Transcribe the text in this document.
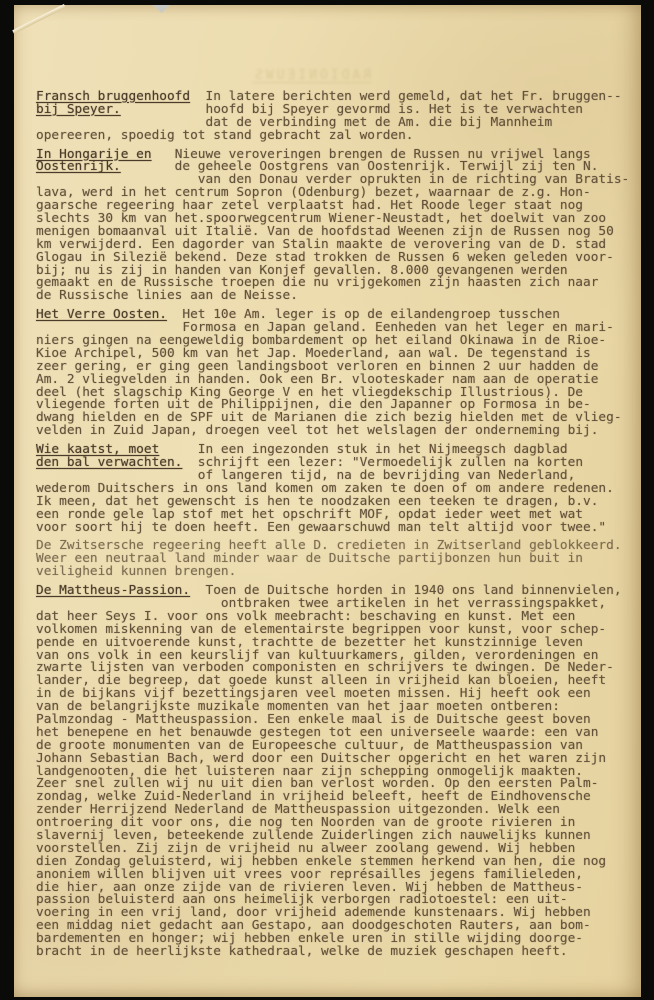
RADIONIEUWS
Fransch bruggenhoofd  In latere berichten werd gemeld, dat het Fr. bruggen--
bij Speyer.           hoofd bij Speyer gevormd is. Het is te verwachten
dat de verbinding met de Am. die bij Mannheim
opereeren, spoedig tot stand gebracht zal worden.
In Hongarije en   Nieuwe veroveringen brengen de Russen nu vrijwel langs
Oostenrijk.       de geheele Oostgrens van Oostenrijk. Terwijl zij ten N.
van den Donau verder oprukten in de richting van Bratis-
lava, werd in het centrum Sopron (Odenburg) bezet, waarnaar de z.g. Hon-
gaarsche regeering haar zetel verplaatst had. Het Roode leger staat nog
slechts 30 km van het.spoorwegcentrum Wiener-Neustadt, het doelwit van zoo
menigen bomaanval uit Italië. Van de hoofdstad Weenen zijn de Russen nog 50
km verwijderd. Een dagorder van Stalin maakte de verovering van de D. stad
Glogau in Silezië bekend. Deze stad trokken de Russen 6 weken geleden voor-
bij; nu is zij in handen van Konjef gevallen. 8.000 gevangenen werden
gemaakt en de Russische troepen die nu vrijgekomen zijn haasten zich naar
de Russische linies aan de Neisse.
Het Verre Oosten.  Het 10e Am. leger is op de eilandengroep tusschen
Formosa en Japan geland. Eenheden van het leger en mari-
niers gingen na eengeweldig bombardement op het eiland Okinawa in de Rioe-
Kioe Archipel, 500 km van het Jap. Moederland, aan wal. De tegenstand is
zeer gering, er ging geen landingsboot verloren en binnen 2 uur hadden de
Am. 2 vliegvelden in handen. Ook een Br. vlooteskader nam aan de operatie
deel (het slagschip King George V en het vliegdekschip Illustrious). De
vliegende forten uit de Philippijnen, die den Japanner op Formosa in be-
dwang hielden en de SPF uit de Marianen die zich bezig hielden met de vlieg-
velden in Zuid Japan, droegen veel tot het welslagen der onderneming bij.
Wie kaatst, moet     In een ingezonden stuk in het Nijmeegsch dagblad
den bal verwachten.  schrijft een lezer: "Vermoedelijk zullen na korten
of langeren tijd, na de bevrijding van Nederland,
wederom Duitschers in ons land komen om zaken te doen of om andere redenen.
Ik meen, dat het gewenscht is hen te noodzaken een teeken te dragen, b.v.
een ronde gele lap stof met het opschrift MOF, opdat ieder weet met wat
voor soort hij te doen heeft. Een gewaarschuwd man telt altijd voor twee."
De Zwitsersche regeering heeft alle D. credieten in Zwitserland geblokkeerd.
Weer een neutraal land minder waar de Duitsche partijbonzen hun buit in
veiligheid kunnen brengen.
De Mattheus-Passion.  Toen de Duitsche horden in 1940 ons land binnenvielen,
ontbraken twee artikelen in het verrassingspakket,
dat heer Seys I. voor ons volk meebracht: beschaving en kunst. Met een
volkomen miskenning van de elementairste begrippen voor kunst, voor schep-
pende en uitvoerende kunst, trachtte de bezetter het kunstzinnige leven
van ons volk in een keurslijf van kultuurkamers, gilden, verordeningen en
zwarte lijsten van verboden componisten en schrijvers te dwingen. De Neder-
lander, die begreep, dat goede kunst alleen in vrijheid kan bloeien, heeft
in de bijkans vijf bezettingsjaren veel moeten missen. Hij heeft ook een
van de belangrijkste muzikale momenten van het jaar moeten ontberen:
Palmzondag - Mattheuspassion. Een enkele maal is de Duitsche geest boven
het benepene en het benauwde gestegen tot een universeele waarde: een van
de groote monumenten van de Europeesche cultuur, de Mattheuspassion van
Johann Sebastian Bach, werd door een Duitscher opgericht en het waren zijn
landgenooten, die het luisteren naar zijn schepping onmogelijk maakten.
Zeer snel zullen wij nu uit dien ban verlost worden. Op den eersten Palm-
zondag, welke Zuid-Nederland in vrijheid beleeft, heeft de Eindhovensche
zender Herrijzend Nederland de Mattheuspassion uitgezonden. Welk een
ontroering dit voor ons, die nog ten Noorden van de groote rivieren in
slavernij leven, beteekende zullende Zuiderlingen zich nauwelijks kunnen
voorstellen. Zij zijn de vrijheid nu alweer zoolang gewend. Wij hebben
dien Zondag geluisterd, wij hebben enkele stemmen herkend van hen, die nog
anoniem willen blijven uit vrees voor représailles jegens familieleden,
die hier, aan onze zijde van de rivieren leven. Wij hebben de Mattheus-
passion beluisterd aan ons heimelijk verborgen radiotoestel: een uit-
voering in een vrij land, door vrijheid ademende kunstenaars. Wij hebben
een middag niet gedacht aan Gestapo, aan doodgeschoten Rauters, aan bom-
bardementen en honger; wij hebben enkele uren in stille wijding doorge-
bracht in de heerlijkste kathedraal, welke de muziek geschapen heeft.
